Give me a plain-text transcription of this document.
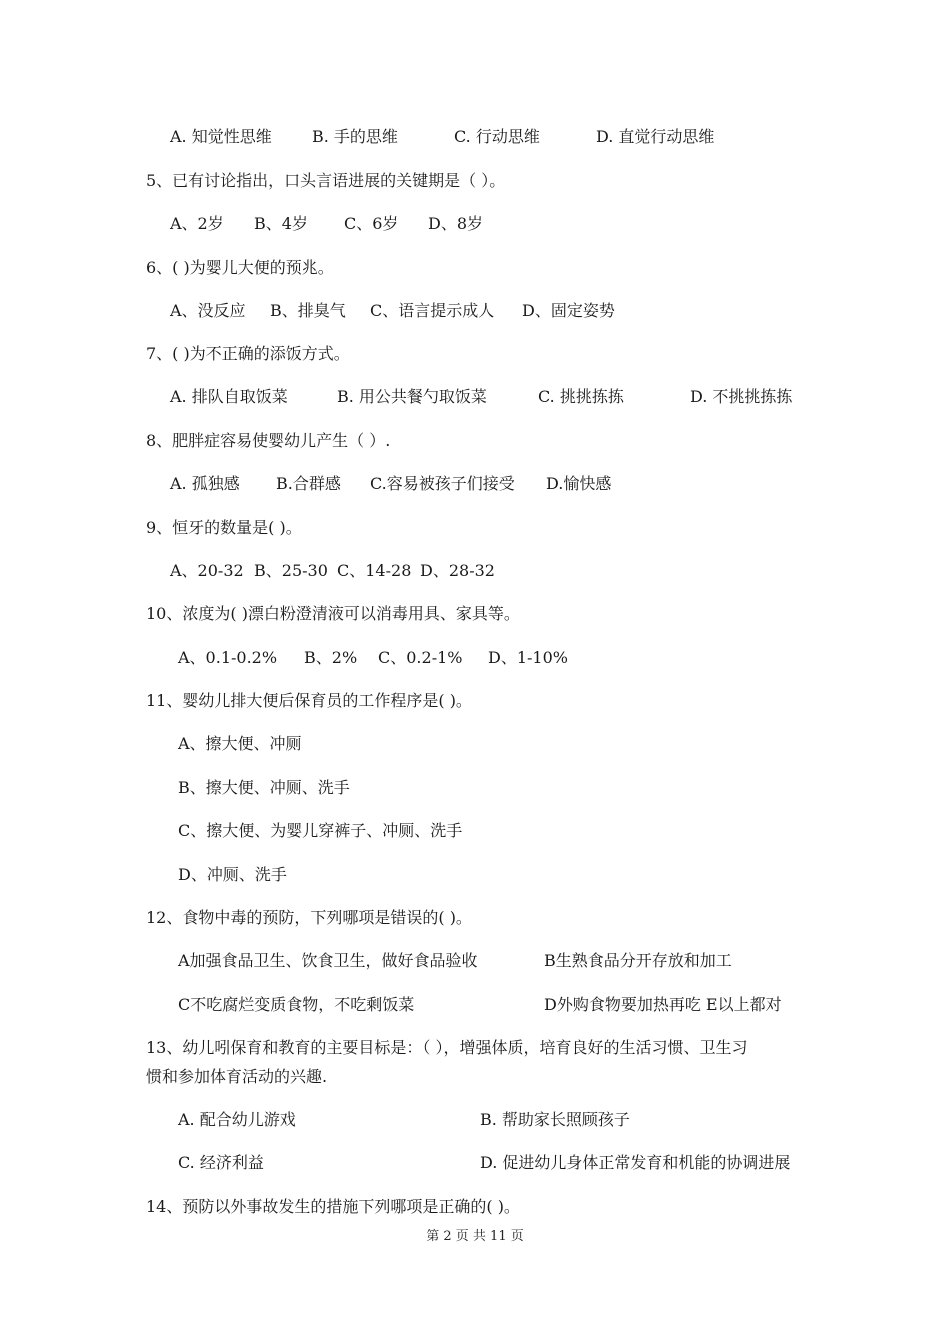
A. 知觉性思维	B. 手的思维	C. 行动思维	D. 直觉行动思维
5、已有讨论指出，口头言语进展的关键期是（ ）。
A、2岁 B、4岁 C、6岁 D、8岁
6、( )为婴儿大便的预兆。
A、没反应 B、排臭气 C、语言提示成人 D、固定姿势
7、( )为不正确的添饭方式。
A. 排队自取饭菜	B. 用公共餐勺取饭菜	C. 挑挑拣拣	D. 不挑挑拣拣
8、肥胖症容易使婴幼儿产生（ ）.
A. 孤独感 B.合群感 C.容易被孩子们接受 D.愉快感
9、恒牙的数量是( )。
A、20-32 B、25-30 C、14-28 D、28-32
10、浓度为( )漂白粉澄清液可以消毒用具、家具等。
A、0.1-0.2% B、2% C、0.2-1% D、1-10%
11、婴幼儿排大便后保育员的工作程序是( )。
A、擦大便、冲厕
B、擦大便、冲厕、洗手
C、擦大便、为婴儿穿裤子、冲厕、洗手
D、冲厕、洗手
12、食物中毒的预防，下列哪项是错误的( )。
A加强食品卫生、饮食卫生，做好食品验收	B生熟食品分开存放和加工
C不吃腐烂变质食物，不吃剩饭菜	D外购食物要加热再吃 E以上都对
13、幼儿吲保育和教育的主要目标是：（ ），增强体质，培育良好的生活习惯、卫生习
惯和参加体育活动的兴趣.
A. 配合幼儿游戏	B. 帮助家长照顾孩子
C. 经济利益	D. 促进幼儿身体正常发育和机能的协调进展
14、预防以外事故发生的措施下列哪项是正确的( )。
第 2 页 共 11 页
